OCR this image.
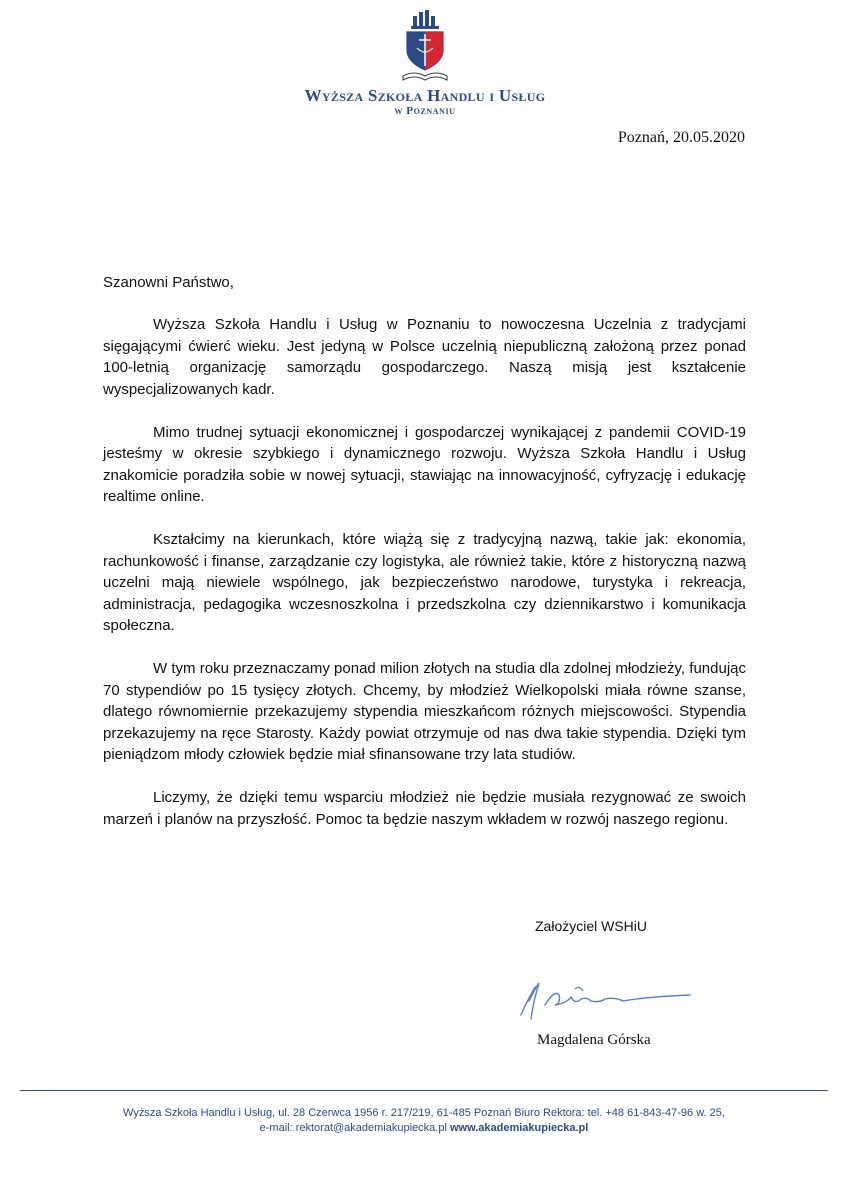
Wyższa Szkoła Handlu i Usług
w Poznaniu
Poznań, 20.05.2020
Szanowni Państwo,

Wyższa Szkoła Handlu i Usług w Poznaniu to nowoczesna Uczelnia z tradycjami sięgającymi ćwierć wieku. Jest jedyną w Polsce uczelnią niepubliczną założoną przez ponad 100-letnią organizację samorządu gospodarczego. Naszą misją jest kształcenie wyspecjalizowanych kadr.

Mimo trudnej sytuacji ekonomicznej i gospodarczej wynikającej z pandemii COVID-19 jesteśmy w okresie szybkiego i dynamicznego rozwoju. Wyższa Szkoła Handlu i Usług znakomicie poradziła sobie w nowej sytuacji, stawiając na innowacyjność, cyfryzację i edukację realtime online.

Kształcimy na kierunkach, które wiążą się z tradycyjną nazwą, takie jak: ekonomia, rachunkowość i finanse, zarządzanie czy logistyka, ale również takie, które z historyczną nazwą uczelni mają niewiele wspólnego, jak bezpieczeństwo narodowe, turystyka i rekreacja, administracja, pedagogika wczesnoszkolna i przedszkolna czy dziennikarstwo i komunikacja społeczna.

W tym roku przeznaczamy ponad milion złotych na studia dla zdolnej młodzieży, fundując 70 stypendiów po 15 tysięcy złotych. Chcemy, by młodzież Wielkopolski miała równe szanse, dlatego równomiernie przekazujemy stypendia mieszkańcom różnych miejscowości. Stypendia przekazujemy na ręce Starosty. Każdy powiat otrzymuje od nas dwa takie stypendia. Dzięki tym pieniądzom młody człowiek będzie miał sfinansowane trzy lata studiów.

Liczymy, że dzięki temu wsparciu młodzież nie będzie musiała rezygnować ze swoich marzeń i planów na przyszłość. Pomoc ta będzie naszym wkładem w rozwój naszego regionu.

Założyciel WSHiU
Magdalena Górska
Wyższa Szkoła Handlu i Usług, ul. 28 Czerwca 1956 r. 217/219, 61-485 Poznań Biuro Rektora: tel. +48 61-843-47-96 w. 25,
e-mail: rektorat@akademiakupiecka.pl www.akademiakupiecka.pl
